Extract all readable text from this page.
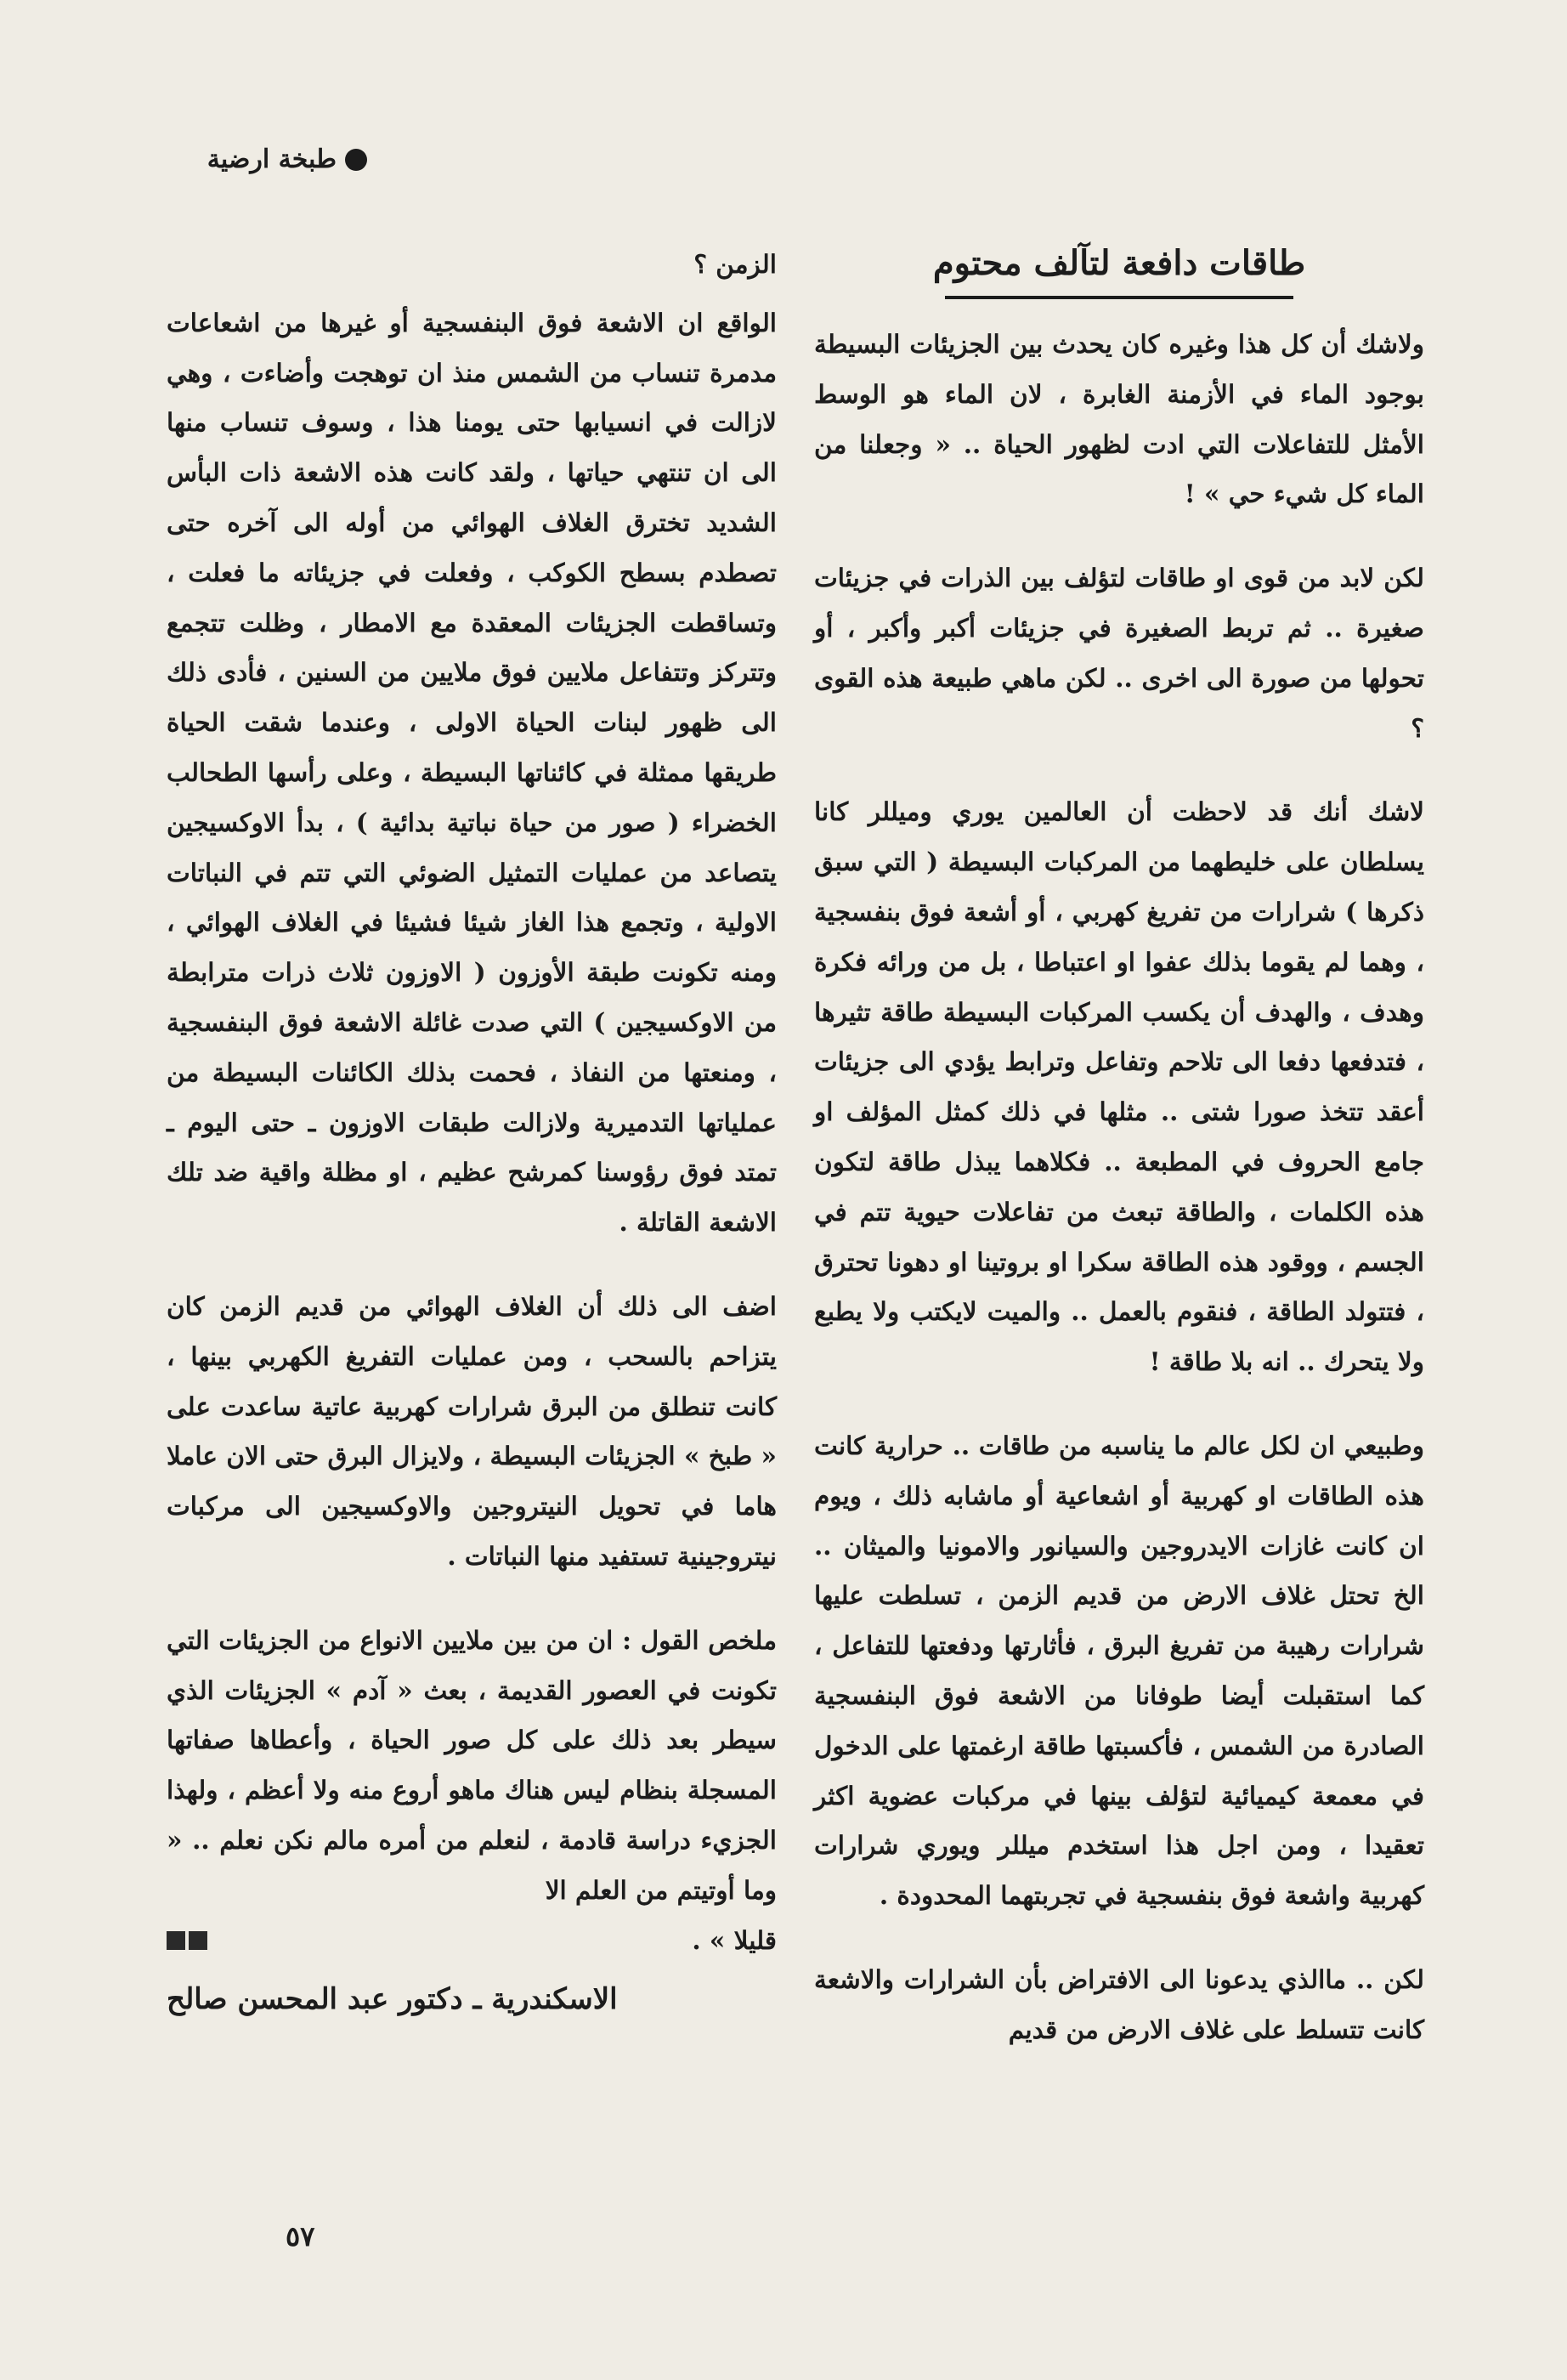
طبخة ارضية
طاقات دافعة لتآلف محتوم

ولاشك أن كل هذا وغيره كان يحدث بين الجزيئات البسيطة بوجود الماء في الأزمنة الغابرة ، لان الماء هو الوسط الأمثل للتفاعلات التي ادت لظهور الحياة .. « وجعلنا من الماء كل شيء حي » !

لكن لابد من قوى او طاقات لتؤلف بين الذرات في جزيئات صغيرة .. ثم تربط الصغيرة في جزيئات أكبر وأكبر ، أو تحولها من صورة الى اخرى .. لكن ماهي طبيعة هذه القوى ؟

لاشك أنك قد لاحظت أن العالمين يوري وميللر كانا يسلطان على خليطهما من المركبات البسيطة ( التي سبق ذكرها ) شرارات من تفريغ كهربي ، أو أشعة فوق بنفسجية ، وهما لم يقوما بذلك عفوا او اعتباطا ، بل من ورائه فكرة وهدف ، والهدف أن يكسب المركبات البسيطة طاقة تثيرها ، فتدفعها دفعا الى تلاحم وتفاعل وترابط يؤدي الى جزيئات أعقد تتخذ صورا شتى .. مثلها في ذلك كمثل المؤلف او جامع الحروف في المطبعة .. فكلاهما يبذل طاقة لتكون هذه الكلمات ، والطاقة تبعث من تفاعلات حيوية تتم في الجسم ، ووقود هذه الطاقة سكرا او بروتينا او دهونا تحترق ، فتتولد الطاقة ، فنقوم بالعمل .. والميت لايكتب ولا يطبع ولا يتحرك .. انه بلا طاقة !

وطبيعي ان لكل عالم ما يناسبه من طاقات .. حرارية كانت هذه الطاقات او كهربية أو اشعاعية أو ماشابه ذلك ، ويوم ان كانت غازات الايدروجين والسيانور والامونيا والميثان .. الخ تحتل غلاف الارض من قديم الزمن ، تسلطت عليها شرارات رهيبة من تفريغ البرق ، فأثارتها ودفعتها للتفاعل ، كما استقبلت أيضا طوفانا من الاشعة فوق البنفسجية الصادرة من الشمس ، فأكسبتها طاقة ارغمتها على الدخول في معمعة كيميائية لتؤلف بينها في مركبات عضوية اكثر تعقيدا ، ومن اجل هذا استخدم ميللر ويوري شرارات كهربية واشعة فوق بنفسجية في تجربتهما المحدودة .

لكن .. ماالذي يدعونا الى الافتراض بأن الشرارات والاشعة كانت تتسلط على غلاف الارض من قديم

الزمن ؟

الواقع ان الاشعة فوق البنفسجية أو غيرها من اشعاعات مدمرة تنساب من الشمس منذ ان توهجت وأضاءت ، وهي لازالت في انسيابها حتى يومنا هذا ، وسوف تنساب منها الى ان تنتهي حياتها ، ولقد كانت هذه الاشعة ذات البأس الشديد تخترق الغلاف الهوائي من أوله الى آخره حتى تصطدم بسطح الكوكب ، وفعلت في جزيئاته ما فعلت ، وتساقطت الجزيئات المعقدة مع الامطار ، وظلت تتجمع وتتركز وتتفاعل ملايين فوق ملايين من السنين ، فأدى ذلك الى ظهور لبنات الحياة الاولى ، وعندما شقت الحياة طريقها ممثلة في كائناتها البسيطة ، وعلى رأسها الطحالب الخضراء ( صور من حياة نباتية بدائية ) ، بدأ الاوكسيجين يتصاعد من عمليات التمثيل الضوئي التي تتم في النباتات الاولية ، وتجمع هذا الغاز شيئا فشيئا في الغلاف الهوائي ، ومنه تكونت طبقة الأوزون ( الاوزون ثلاث ذرات مترابطة من الاوكسيجين ) التي صدت غائلة الاشعة فوق البنفسجية ، ومنعتها من النفاذ ، فحمت بذلك الكائنات البسيطة من عملياتها التدميرية ولازالت طبقات الاوزون ـ حتى اليوم ـ تمتد فوق رؤوسنا كمرشح عظيم ، او مظلة واقية ضد تلك الاشعة القاتلة .

اضف الى ذلك أن الغلاف الهوائي من قديم الزمن كان يتزاحم بالسحب ، ومن عمليات التفريغ الكهربي بينها ، كانت تنطلق من البرق شرارات كهربية عاتية ساعدت على « طبخ » الجزيئات البسيطة ، ولايزال البرق حتى الان عاملا هاما في تحويل النيتروجين والاوكسيجين الى مركبات نيتروجينية تستفيد منها النباتات .

ملخص القول : ان من بين ملايين الانواع من الجزيئات التي تكونت في العصور القديمة ، بعث « آدم » الجزيئات الذي سيطر بعد ذلك على كل صور الحياة ، وأعطاها صفاتها المسجلة بنظام ليس هناك ماهو أروع منه ولا أعظم ، ولهذا الجزيء دراسة قادمة ، لنعلم من أمره مالم نكن نعلم .. « وما أوتيتم من العلم الا

قليلا » .
الاسكندرية ـ دكتور عبد المحسن صالح
٥٧
